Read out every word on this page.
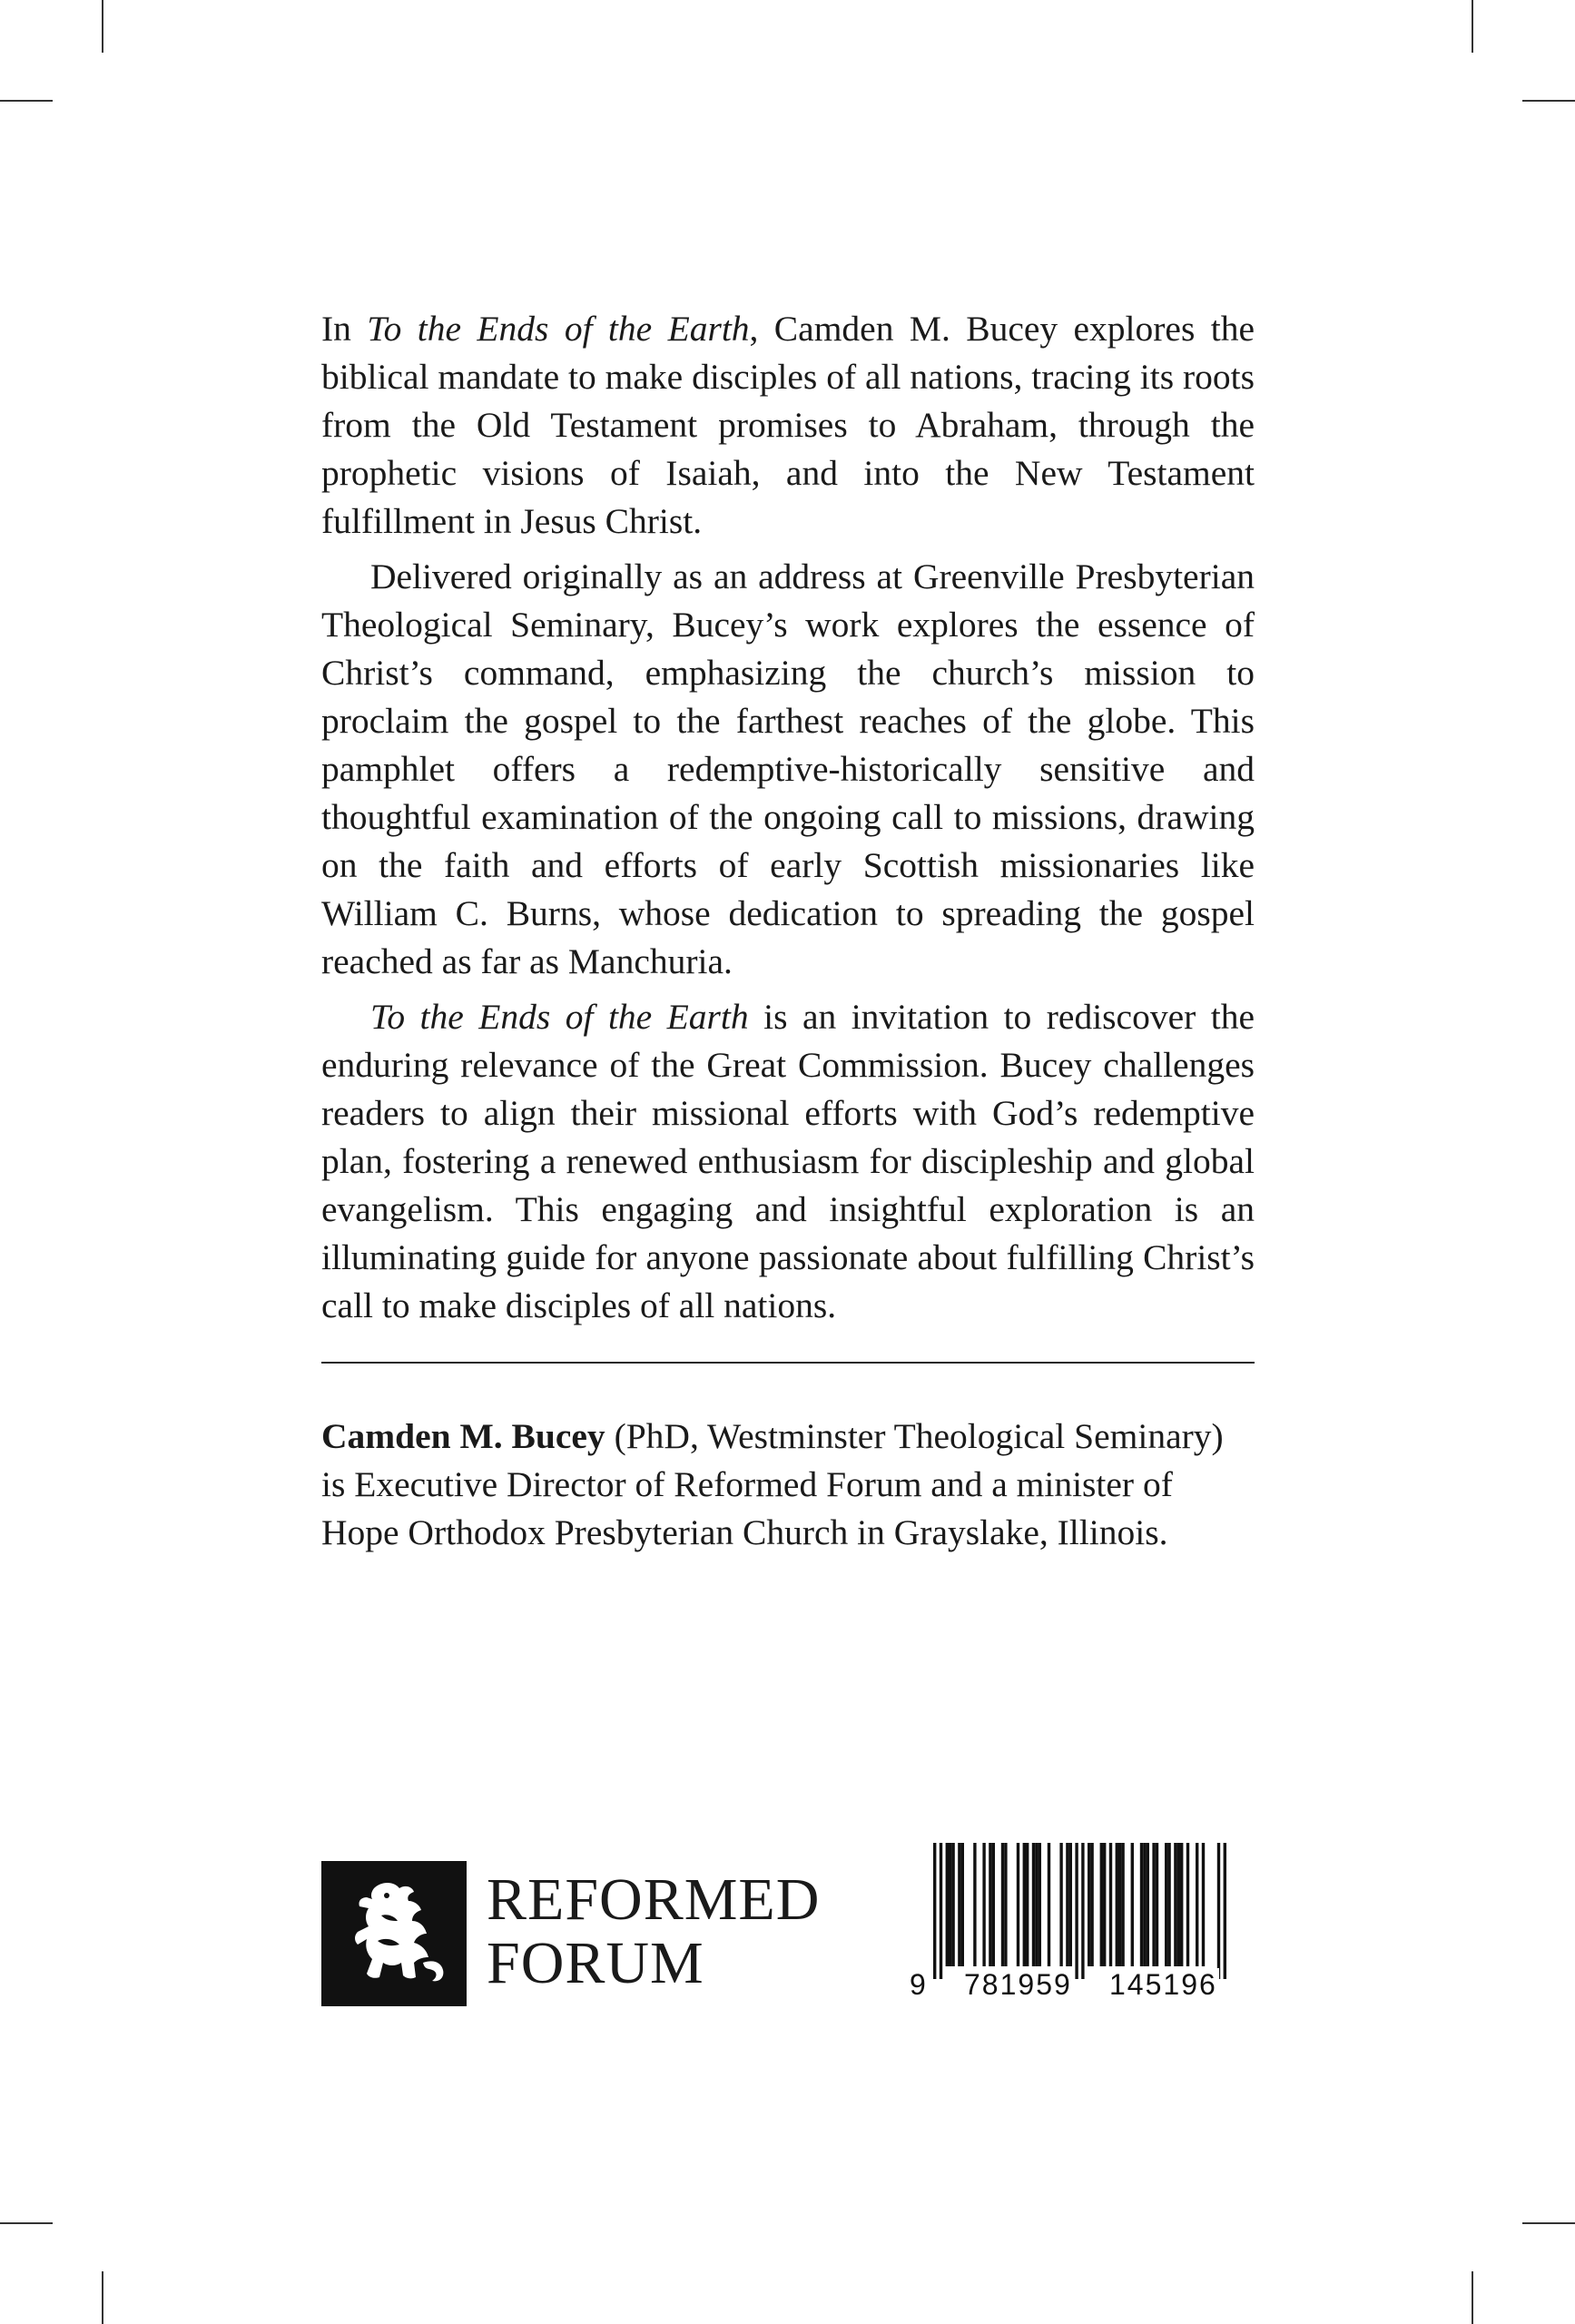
In To the Ends of the Earth, Camden M. Bucey explores the biblical mandate to make disciples of all nations, tracing its roots from the Old Testament promises to Abraham, through the prophetic visions of Isaiah, and into the New Testament fulfillment in Jesus Christ.

Delivered originally as an address at Greenville Presbyterian Theological Seminary, Bucey’s work explores the essence of Christ’s command, emphasizing the church’s mission to proclaim the gospel to the farthest reaches of the globe. This pamphlet offers a redemptive-historically sensitive and thoughtful examination of the ongoing call to missions, drawing on the faith and efforts of early Scottish missionaries like William C. Burns, whose dedication to spreading the gospel reached as far as Manchuria.

To the Ends of the Earth is an invitation to rediscover the enduring relevance of the Great Commission. Bucey challenges readers to align their missional efforts with God’s redemptive plan, fostering a renewed enthusiasm for discipleship and global evangelism. This engaging and insightful exploration is an illuminating guide for anyone passionate about fulfilling Christ’s call to make disciples of all nations.

Camden M. Bucey (PhD, Westminster Theological Seminary) is Executive Director of Reformed Forum and a minister of Hope Orthodox Presbyterian Church in Grayslake, Illinois.
REFORMED
FORUM	9 781959 145196
